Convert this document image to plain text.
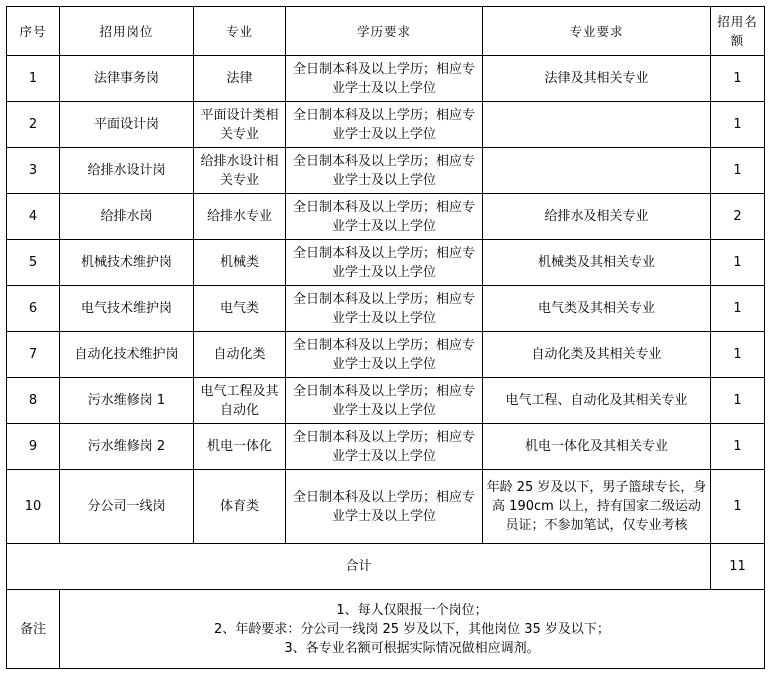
序号	招用岗位	专业	学历要求	专业要求	招用名额
1	法律事务岗	法律	全日制本科及以上学历；相应专业学士及以上学位	法律及其相关专业	1
2	平面设计岗	平面设计类相关专业	全日制本科及以上学历；相应专业学士及以上学位		1
3	给排水设计岗	给排水设计相关专业	全日制本科及以上学历；相应专业学士及以上学位		1
4	给排水岗	给排水专业	全日制本科及以上学历；相应专业学士及以上学位	给排水及相关专业	2
5	机械技术维护岗	机械类	全日制本科及以上学历；相应专业学士及以上学位	机械类及其相关专业	1
6	电气技术维护岗	电气类	全日制本科及以上学历；相应专业学士及以上学位	电气类及其相关专业	1
7	自动化技术维护岗	自动化类	全日制本科及以上学历；相应专业学士及以上学位	自动化类及其相关专业	1
8	污水维修岗 1	电气工程及其自动化	全日制本科及以上学历；相应专业学士及以上学位	电气工程、自动化及其相关专业	1
9	污水维修岗 2	机电一体化	全日制本科及以上学历；相应专业学士及以上学位	机电一体化及其相关专业	1
10	分公司一线岗	体育类	全日制本科及以上学历；相应专业学士及以上学位	年龄 25 岁及以下，男子篮球专长，身高 190cm 以上，持有国家二级运动员证；不参加笔试，仅专业考核	1
合计					11
备注	1、每人仅限报一个岗位；
2、年龄要求：分公司一线岗 25 岁及以下，其他岗位 35 岁及以下；
3、各专业名额可根据实际情况做相应调剂。				
